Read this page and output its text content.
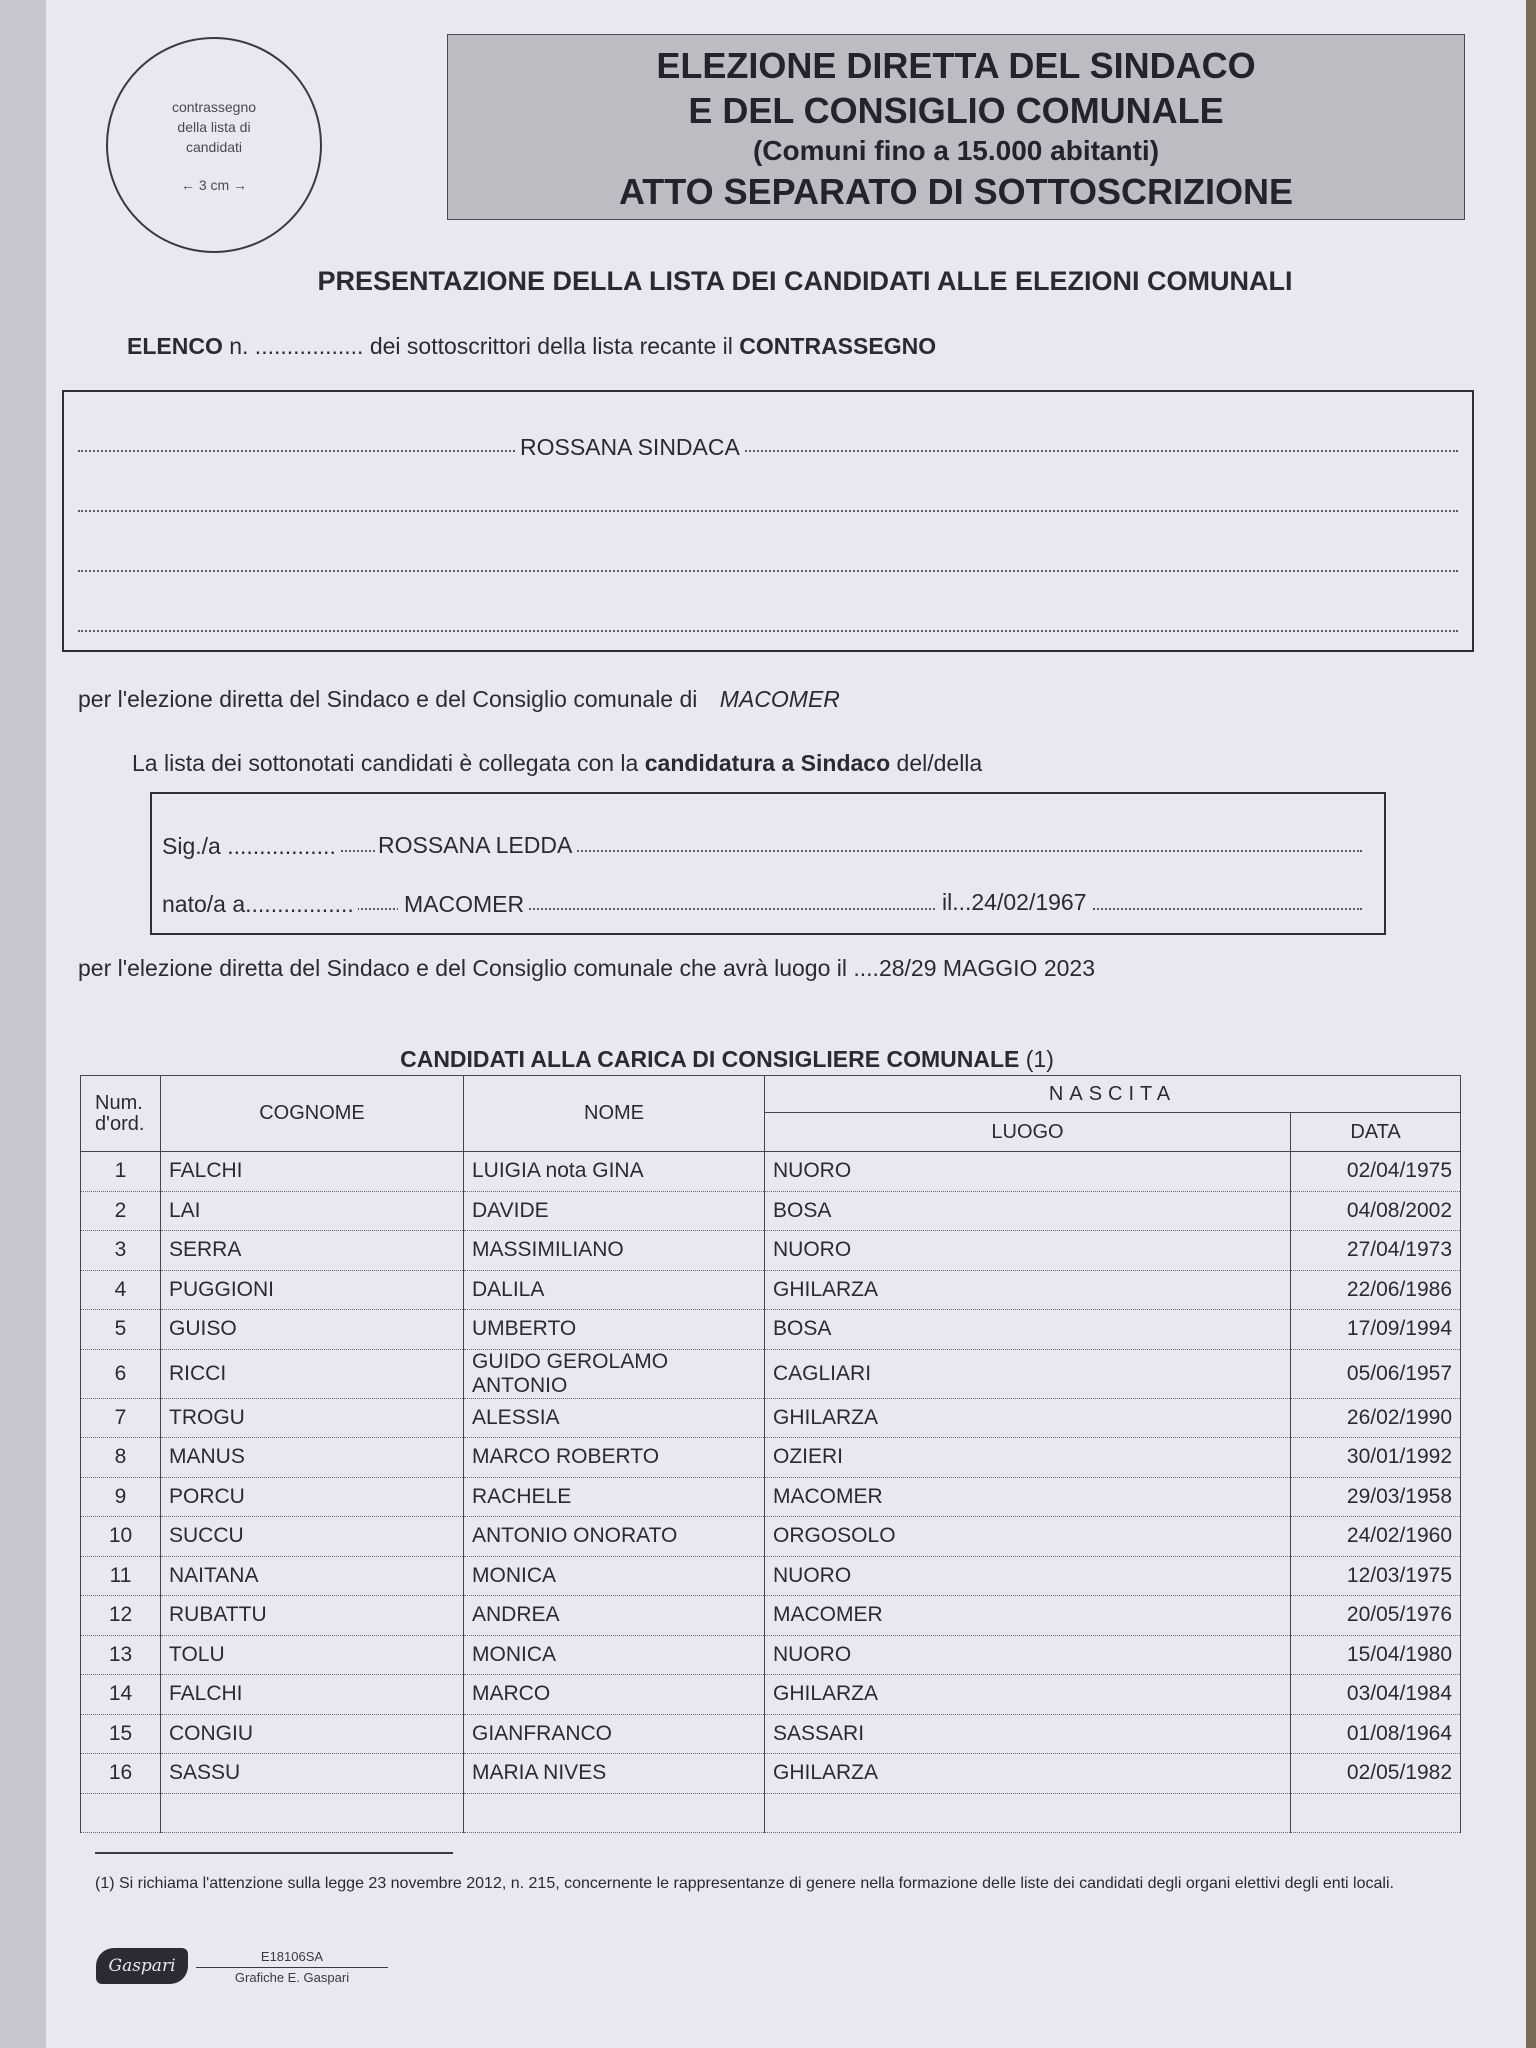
contrassegno
della lista di
candidati
← 3 cm →
ELEZIONE DIRETTA DEL SINDACO
E DEL CONSIGLIO COMUNALE
(Comuni fino a 15.000 abitanti)
ATTO SEPARATO DI SOTTOSCRIZIONE
PRESENTAZIONE DELLA LISTA DEI CANDIDATI ALLE ELEZIONI COMUNALI
ELENCO n. ................. dei sottoscrittori della lista recante il CONTRASSEGNO
ROSSANA SINDACA
per l'elezione diretta del Sindaco e del Consiglio comunale di MACOMER
La lista dei sottonotati candidati è collegata con la candidatura a Sindaco del/della
Sig./a ................. ROSSANA LEDDA
nato/a a................. MACOMER	il...24/02/1967
per l'elezione diretta del Sindaco e del Consiglio comunale che avrà luogo il ....28/29 MAGGIO 2023
CANDIDATI ALLA CARICA DI CONSIGLIERE COMUNALE (1)
Num. d'ord.	COGNOME	NOME	NASCITA	
			LUOGO	DATA
1	FALCHI	LUIGIA nota GINA	NUORO	02/04/1975
2	LAI	DAVIDE	BOSA	04/08/2002
3	SERRA	MASSIMILIANO	NUORO	27/04/1973
4	PUGGIONI	DALILA	GHILARZA	22/06/1986
5	GUISO	UMBERTO	BOSA	17/09/1994
6	RICCI	GUIDO GEROLAMO ANTONIO	CAGLIARI	05/06/1957
7	TROGU	ALESSIA	GHILARZA	26/02/1990
8	MANUS	MARCO ROBERTO	OZIERI	30/01/1992
9	PORCU	RACHELE	MACOMER	29/03/1958
10	SUCCU	ANTONIO ONORATO	ORGOSOLO	24/02/1960
11	NAITANA	MONICA	NUORO	12/03/1975
12	RUBATTU	ANDREA	MACOMER	20/05/1976
13	TOLU	MONICA	NUORO	15/04/1980
14	FALCHI	MARCO	GHILARZA	03/04/1984
15	CONGIU	GIANFRANCO	SASSARI	01/08/1964
16	SASSU	MARIA NIVES	GHILARZA	02/05/1982

(1) Si richiama l'attenzione sulla legge 23 novembre 2012, n. 215, concernente le rappresentanze di genere nella formazione delle liste dei candidati degli organi elettivi degli enti locali.
Gaspari	E18106SA
Grafiche E. Gaspari
